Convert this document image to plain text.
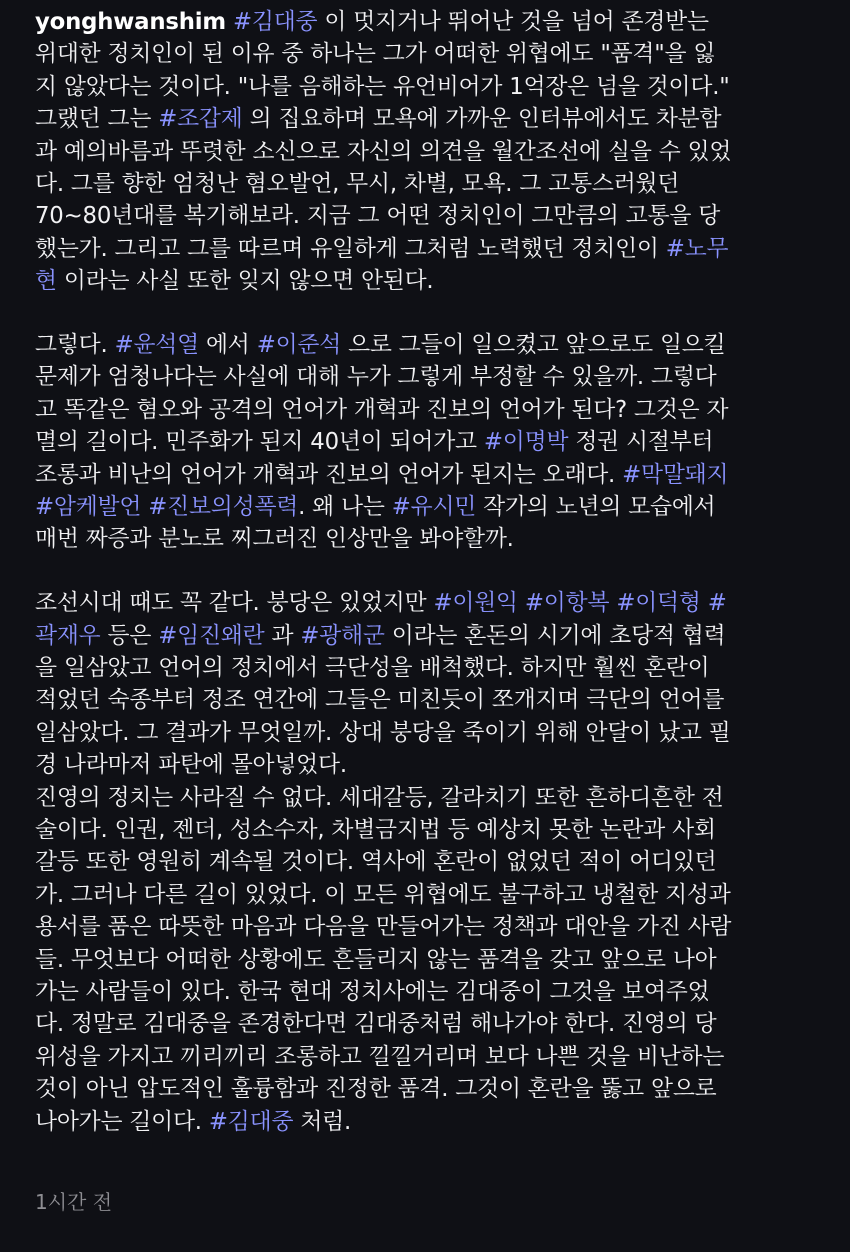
yonghwanshim #김대중 이 멋지거나 뛰어난 것을 넘어 존경받는
위대한 정치인이 된 이유 중 하나는 그가 어떠한 위협에도 "품격"을 잃
지 않았다는 것이다. "나를 음해하는 유언비어가 1억장은 넘을 것이다."
그랬던 그는 #조갑제 의 집요하며 모욕에 가까운 인터뷰에서도 차분함
과 예의바름과 뚜렷한 소신으로 자신의 의견을 월간조선에 실을 수 있었
다. 그를 향한 엄청난 혐오발언, 무시, 차별, 모욕. 그 고통스러웠던
70~80년대를 복기해보라. 지금 그 어떤 정치인이 그만큼의 고통을 당
했는가. 그리고 그를 따르며 유일하게 그처럼 노력했던 정치인이 #노무
현 이라는 사실 또한 잊지 않으면 안된다.
그렇다. #윤석열 에서 #이준석 으로 그들이 일으켰고 앞으로도 일으킬
문제가 엄청나다는 사실에 대해 누가 그렇게 부정할 수 있을까. 그렇다
고 똑같은 혐오와 공격의 언어가 개혁과 진보의 언어가 된다? 그것은 자
멸의 길이다. 민주화가 된지 40년이 되어가고 #이명박 정권 시절부터
조롱과 비난의 언어가 개혁과 진보의 언어가 된지는 오래다. #막말돼지
#암케발언 #진보의성폭력. 왜 나는 #유시민 작가의 노년의 모습에서
매번 짜증과 분노로 찌그러진 인상만을 봐야할까.
조선시대 때도 꼭 같다. 붕당은 있었지만 #이원익 #이항복 #이덕형 #
곽재우 등은 #임진왜란 과 #광해군 이라는 혼돈의 시기에 초당적 협력
을 일삼았고 언어의 정치에서 극단성을 배척했다. 하지만 훨씬 혼란이
적었던 숙종부터 정조 연간에 그들은 미친듯이 쪼개지며 극단의 언어를
일삼았다. 그 결과가 무엇일까. 상대 붕당을 죽이기 위해 안달이 났고 필
경 나라마저 파탄에 몰아넣었다.
진영의 정치는 사라질 수 없다. 세대갈등, 갈라치기 또한 흔하디흔한 전
술이다. 인권, 젠더, 성소수자, 차별금지법 등 예상치 못한 논란과 사회
갈등 또한 영원히 계속될 것이다. 역사에 혼란이 없었던 적이 어디있던
가. 그러나 다른 길이 있었다. 이 모든 위협에도 불구하고 냉철한 지성과
용서를 품은 따뜻한 마음과 다음을 만들어가는 정책과 대안을 가진 사람
들. 무엇보다 어떠한 상황에도 흔들리지 않는 품격을 갖고 앞으로 나아
가는 사람들이 있다. 한국 현대 정치사에는 김대중이 그것을 보여주었
다. 정말로 김대중을 존경한다면 김대중처럼 해나가야 한다. 진영의 당
위성을 가지고 끼리끼리 조롱하고 낄낄거리며 보다 나쁜 것을 비난하는
것이 아닌 압도적인 훌륭함과 진정한 품격. 그것이 혼란을 뚫고 앞으로
나아가는 길이다. #김대중 처럼.
1시간 전
